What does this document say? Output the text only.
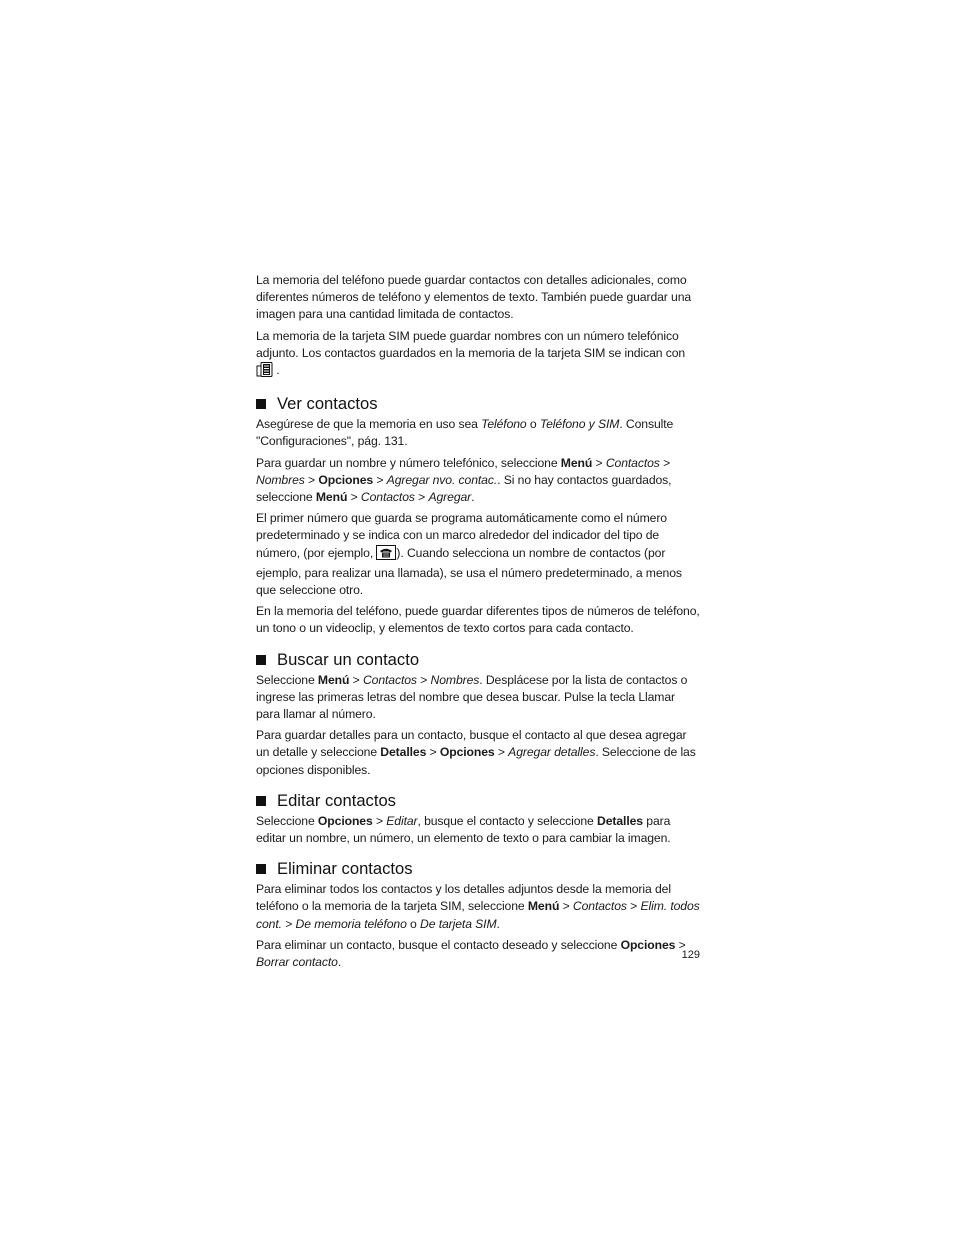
La memoria del teléfono puede guardar contactos con detalles adicionales, como diferentes números de teléfono y elementos de texto. También puede guardar una imagen para una cantidad limitada de contactos.

La memoria de la tarjeta SIM puede guardar nombres con un número telefónico adjunto. Los contactos guardados en la memoria de la tarjeta SIM se indican con  .

Ver contactos

Asegúrese de que la memoria en uso sea Teléfono o Teléfono y SIM. Consulte "Configuraciones", pág. 131.

Para guardar un nombre y número telefónico, seleccione Menú > Contactos > Nombres > Opciones > Agregar nvo. contac.. Si no hay contactos guardados, seleccione Menú > Contactos > Agregar.

El primer número que guarda se programa automáticamente como el número predeterminado y se indica con un marco alrededor del indicador del tipo de número, (por ejemplo, ). Cuando selecciona un nombre de contactos (por ejemplo, para realizar una llamada), se usa el número predeterminado, a menos que seleccione otro.

En la memoria del teléfono, puede guardar diferentes tipos de números de teléfono, un tono o un videoclip, y elementos de texto cortos para cada contacto.

Buscar un contacto

Seleccione Menú > Contactos > Nombres. Desplácese por la lista de contactos o ingrese las primeras letras del nombre que desea buscar. Pulse la tecla Llamar para llamar al número.

Para guardar detalles para un contacto, busque el contacto al que desea agregar un detalle y seleccione Detalles > Opciones > Agregar detalles. Seleccione de las opciones disponibles.

Editar contactos

Seleccione Opciones > Editar, busque el contacto y seleccione Detalles para editar un nombre, un número, un elemento de texto o para cambiar la imagen.

Eliminar contactos

Para eliminar todos los contactos y los detalles adjuntos desde la memoria del teléfono o la memoria de la tarjeta SIM, seleccione Menú > Contactos > Elim. todos cont. > De memoria teléfono o De tarjeta SIM.

Para eliminar un contacto, busque el contacto deseado y seleccione Opciones > Borrar contacto.

129
